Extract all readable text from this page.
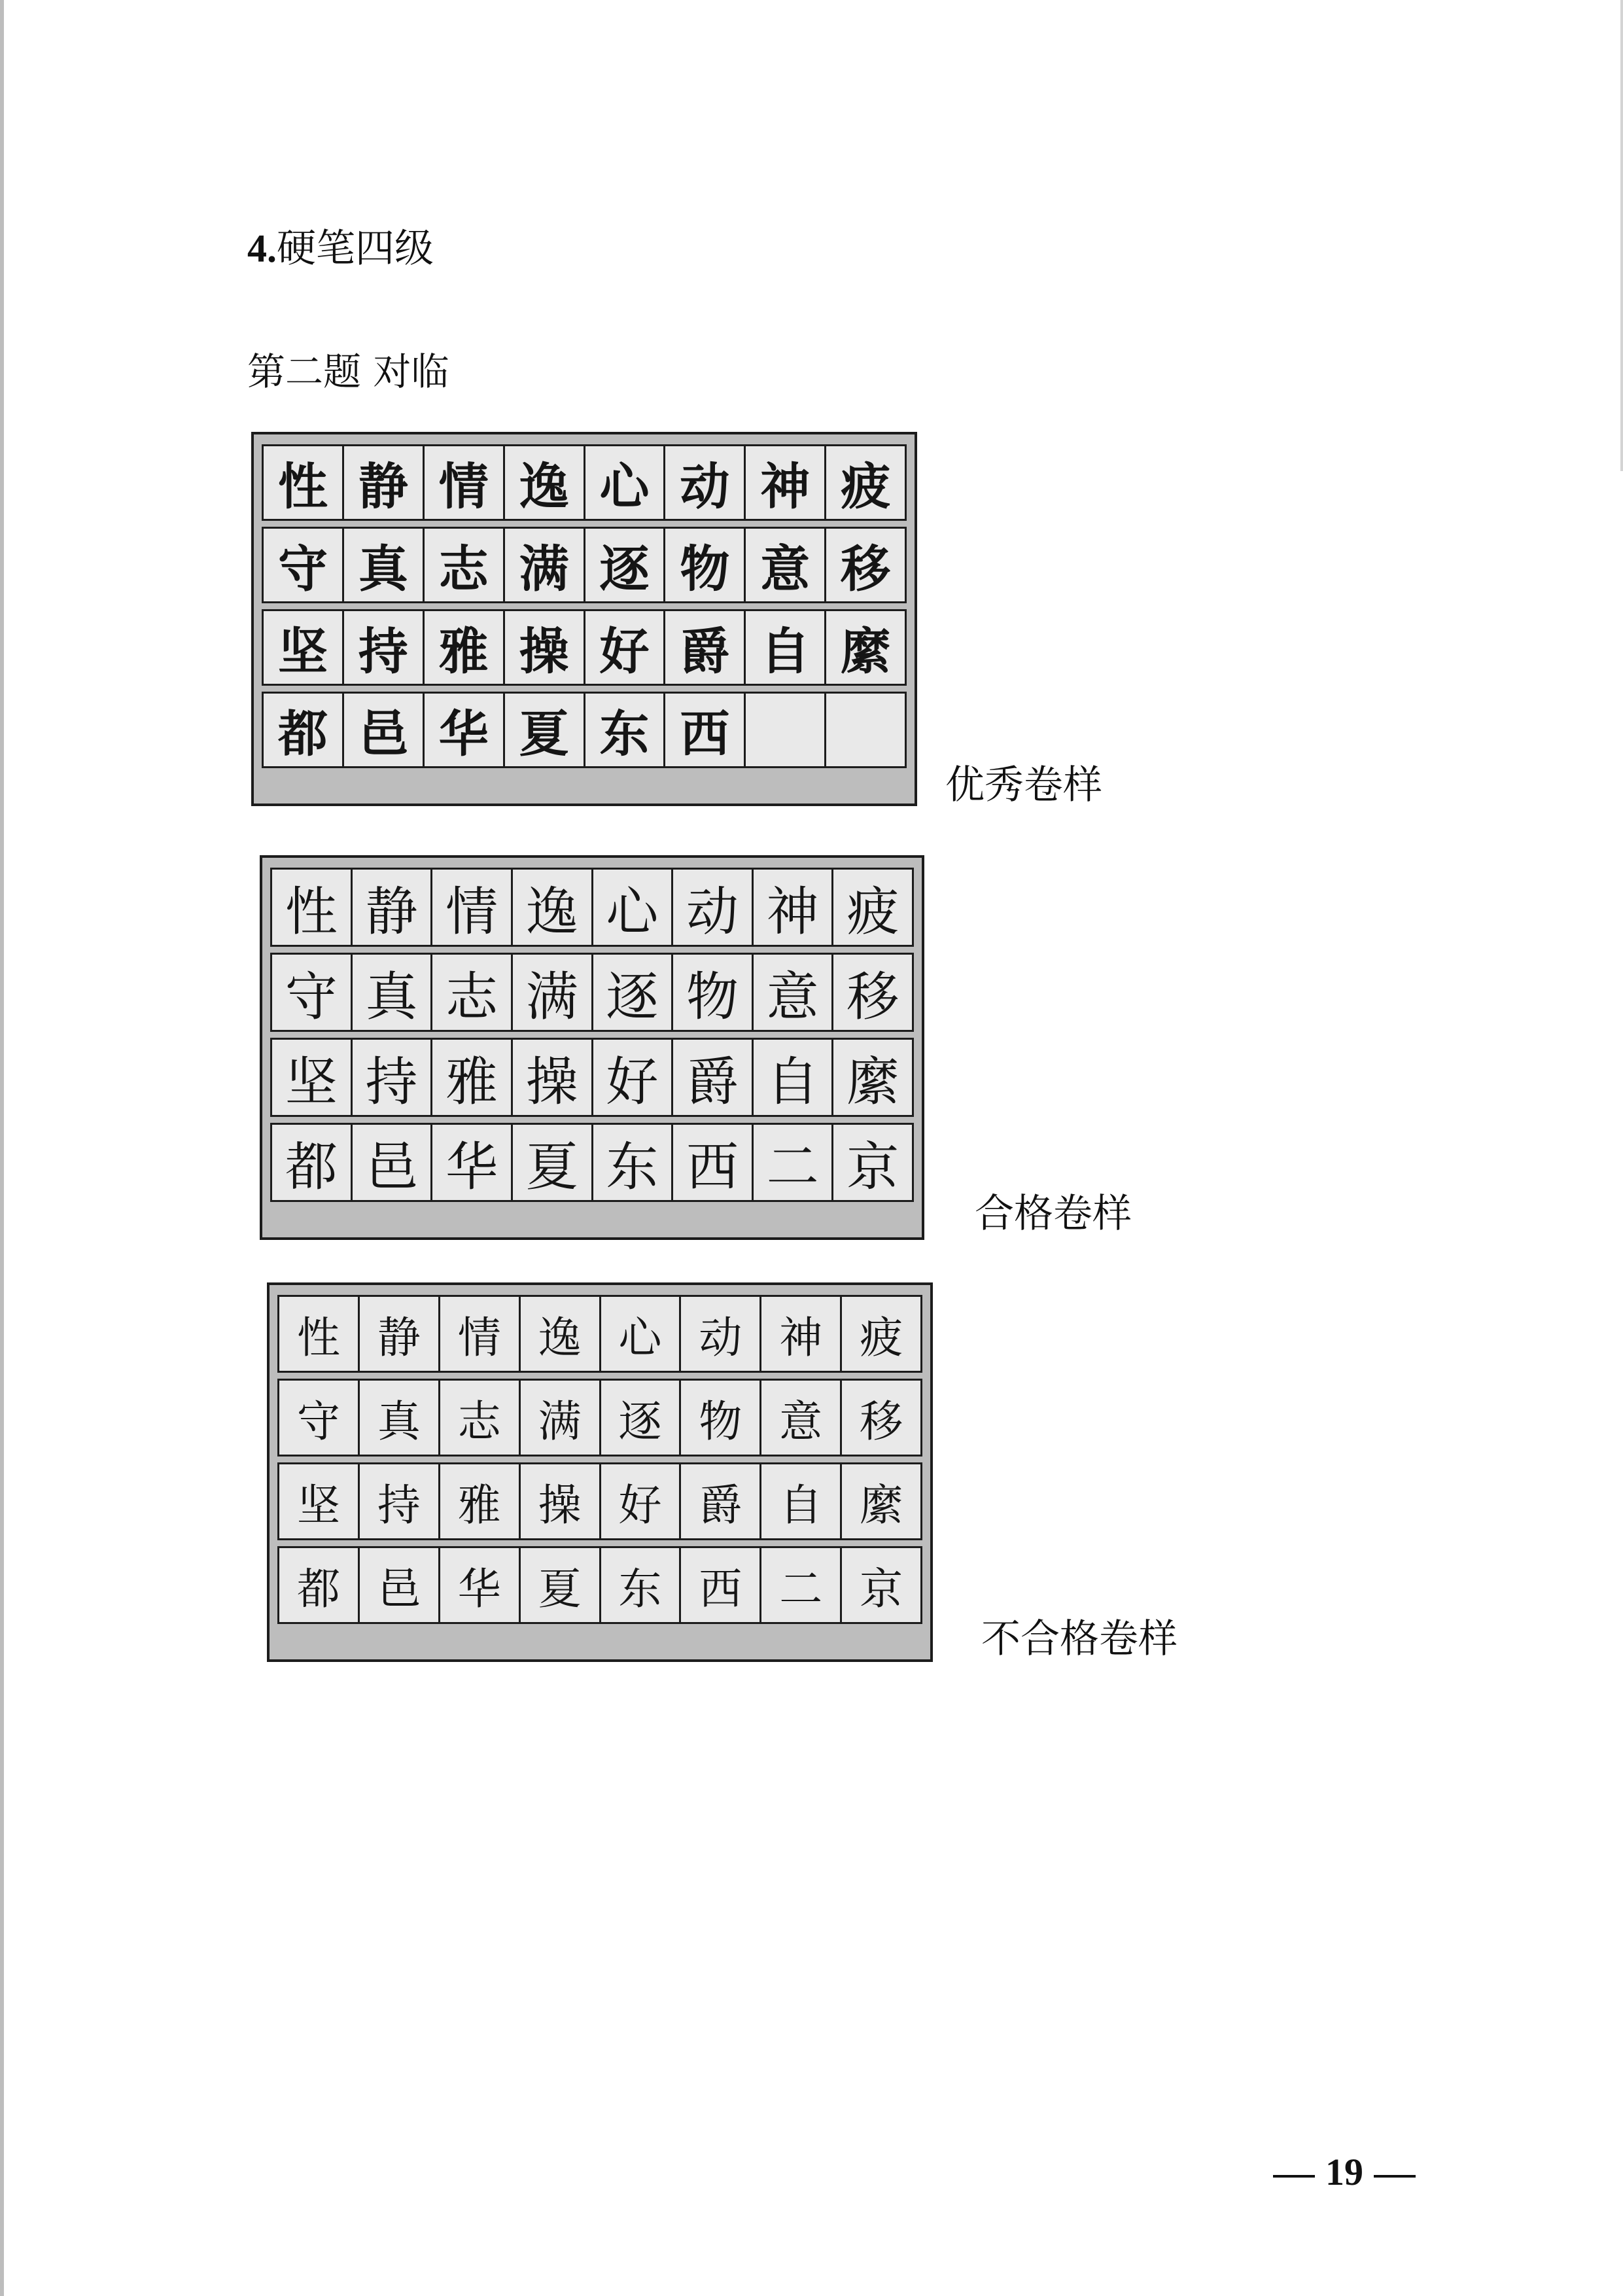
4.硬笔四级
第二题 对临
性 静 情 逸 心 动 神 疲
守 真 志 满 逐 物 意 移
坚 持 雅 操 好 爵 自 縻
都 邑 华 夏 东 西
优秀卷样
性 静 情 逸 心 动 神 疲
守 真 志 满 逐 物 意 移
坚 持 雅 操 好 爵 自 縻
都 邑 华 夏 东 西 二 京
合格卷样
性 静 情 逸 心 动 神 疲
守 真 志 满 逐 物 意 移
坚 持 雅 操 好 爵 自 縻
都 邑 华 夏 东 西 二 京
不合格卷样
19
